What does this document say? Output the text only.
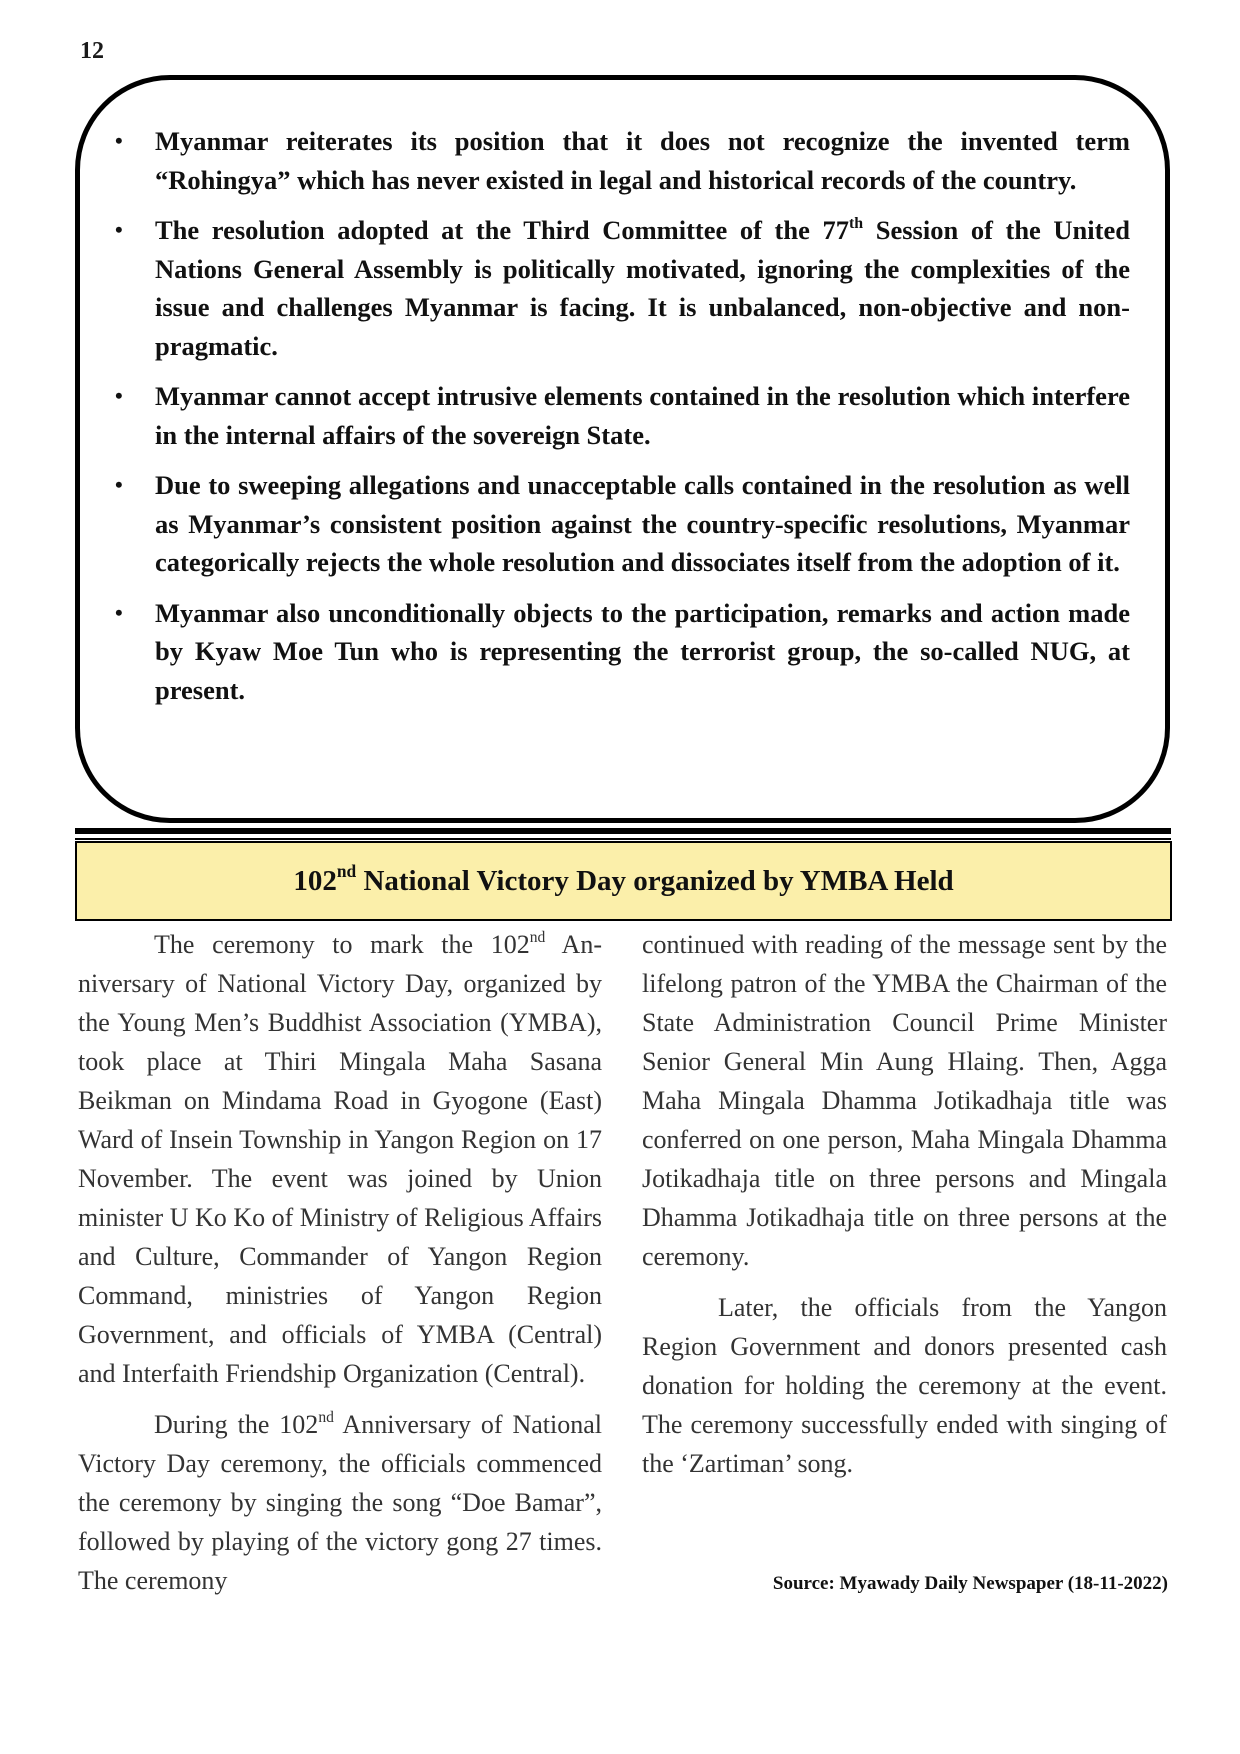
12
• Myanmar reiterates its position that it does not recognize the invented term “Rohingya” which has never existed in legal and historical records of the country.
• The resolution adopted at the Third Committee of the 77th Session of the United Nations General Assembly is politically motivated, ignoring the complexities of the issue and challenges Myanmar is facing. It is unbalanced, non-objective and non-pragmatic.
• Myanmar cannot accept intrusive elements contained in the resolution which interfere in the internal affairs of the sovereign State.
• Due to sweeping allegations and unacceptable calls contained in the resolution as well as Myanmar’s consistent position against the country-specific resolutions, Myanmar categorically rejects the whole resolution and dissociates itself from the adoption of it.
• Myanmar also unconditionally objects to the participation, remarks and action made by Kyaw Moe Tun who is representing the terrorist group, the so-called NUG, at present.
102nd National Victory Day organized by YMBA Held

The ceremony to mark the 102nd Anniversary of National Victory Day, organized by the Young Men’s Buddhist Association (YMBA), took place at Thiri Mingala Maha Sasana Beikman on Mindama Road in Gyogone (East) Ward of Insein Township in Yangon Region on 17 November. The event was joined by Union minister U Ko Ko of Ministry of Religious Affairs and Culture, Commander of Yangon Region Command, ministries of Yangon Region Government, and officials of YMBA (Central) and Interfaith Friendship Organization (Central).

During the 102nd Anniversary of National Victory Day ceremony, the officials commenced the ceremony by singing the song “Doe Bamar”, followed by playing of the victory gong 27 times. The ceremony

continued with reading of the message sent by the lifelong patron of the YMBA the Chairman of the State Administration Council Prime Minister Senior General Min Aung Hlaing. Then, Agga Maha Mingala Dhamma Jotikadhaja title was conferred on one person, Maha Mingala Dhamma Jotikadhaja title on three persons and Mingala Dhamma Jotikadhaja title on three persons at the ceremony.

Later, the officials from the Yangon Region Government and donors presented cash donation for holding the ceremony at the event. The ceremony successfully ended with singing of the ‘Zartiman’ song.

Source: Myawady Daily Newspaper (18-11-2022)
